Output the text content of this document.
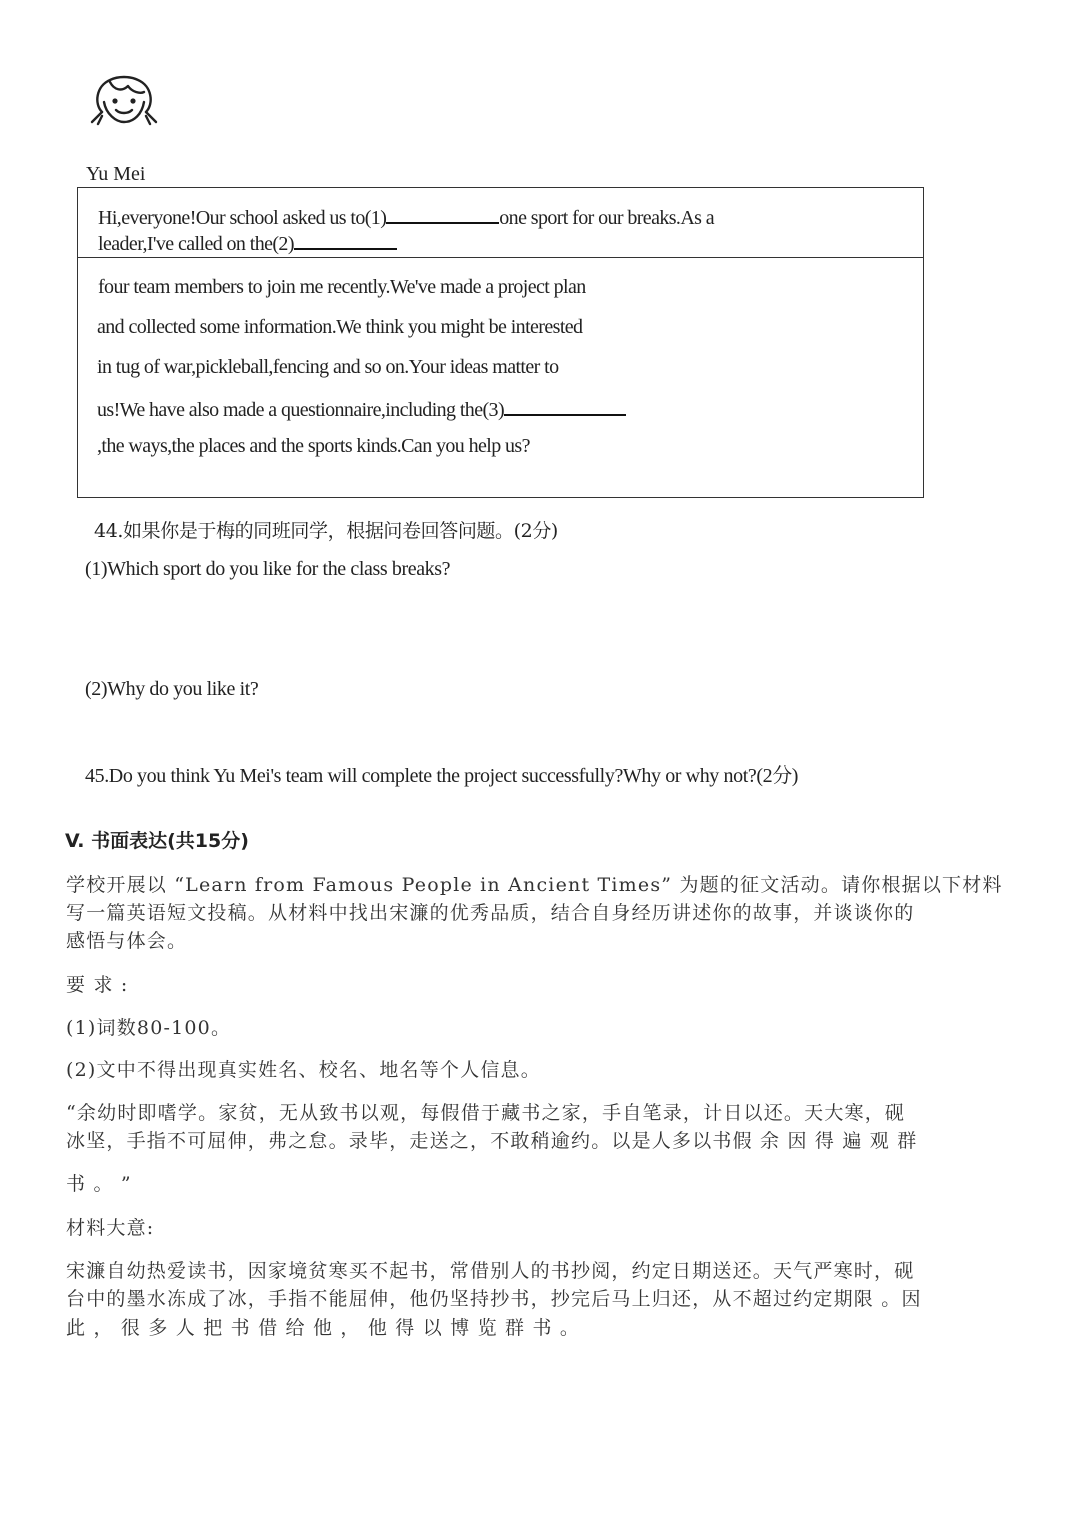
Yu Mei
Hi,everyone!Our school asked us to(1)	one sport for our breaks.As a
leader,I've called on the(2)
four team members to join me recently.We've made a project plan
and collected some information.We think you might be interested
in tug of war,pickleball,fencing and so on.Your ideas matter to
us!We have also made a questionnaire,including the(3)
,the ways,the places and the sports kinds.Can you help us?
44.如果你是于梅的同班同学，根据问卷回答问题。(2分)
(1)Which sport do you like for the class breaks?
(2)Why do you like it?
45.Do you think Yu Mei's team will complete the project successfully?Why or why not?(2分)
V. 书面表达(共15分)
学校开展以 “Learn from Famous People in Ancient Times” 为题的征文活动。请你根据以下材料
写一篇英语短文投稿。从材料中找出宋濂的优秀品质，结合自身经历讲述你的故事，并谈谈你的
感悟与体会。
要 求 :
(1)词数80-100。
(2)文中不得出现真实姓名、校名、地名等个人信息。
“余幼时即嗜学。家贫，无从致书以观，每假借于藏书之家，手自笔录，计日以还。天大寒，砚
冰坚，手指不可屈伸，弗之怠。录毕，走送之，不敢稍逾约。以是人多以书假 余 因 得 遍 观 群
书 。 ”
材料大意:
宋濂自幼热爱读书，因家境贫寒买不起书，常借别人的书抄阅，约定日期送还。天气严寒时，砚
台中的墨水冻成了冰，手指不能屈伸，他仍坚持抄书，抄完后马上归还，从不超过约定期限 。因
此 ， 很 多 人 把 书 借 给 他 ， 他 得 以 博 览 群 书 。
